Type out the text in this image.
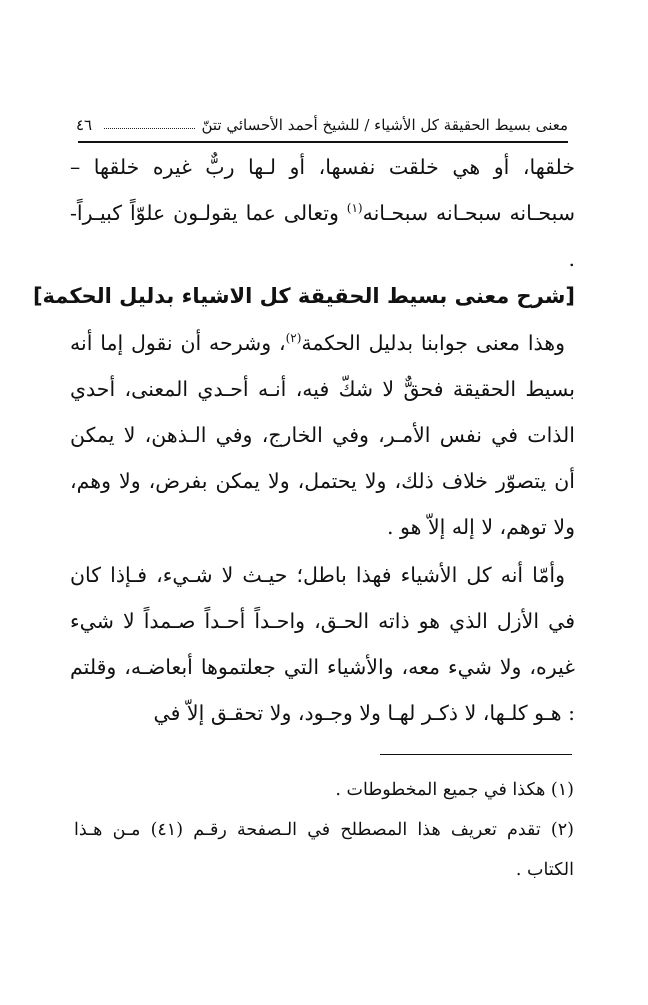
معنى بسيط الحقيقة كل الأشياء / للشيخ أحمد الأحسائي تتنّ
٤٦
خلقها، أو هي خلقت نفسها، أو لـها ربٌّ غيره خلقها – سبحـانه سبحـانه سبحـانه$^{(١)}$ وتعالى عما يقولـون علوّاً كبيـراً- .
[شرح معنى بسيط الحقيقة كل الاشياء بدليل الحكمة]
وهذا معنى جوابنا بدليل الحكمة$^{(٢)}$، وشرحه أن نقول إما أنه بسيط الحقيقة فحقٌّ لا شكّ فيه، أنـه أحـدي المعنى، أحدي الذات في نفس الأمـر، وفي الخارج، وفي الـذهن، لا يمكن أن يتصوّر خلاف ذلك، ولا يحتمل، ولا يمكن بفرض، ولا وهم، ولا توهم، لا إله إلاّ هو .
وأمّا أنه كل الأشياء فهذا باطل؛ حيـث لا شـيء، فـإذا كان في الأزل الذي هو ذاته الحـق، واحـداً أحـداً صـمداً لا شيء غيره، ولا شيء معه، والأشياء التي جعلتموها أبعاضـه، وقلتم : هـو كلـها، لا ذكـر لهـا ولا وجـود، ولا تحقـق إلاّ في

(١) هكذا في جميع المخطوطات .

(٢) تقدم تعريف هذا المصطلح في الـصفحة رقـم (٤١) مـن هـذا الكتاب .
